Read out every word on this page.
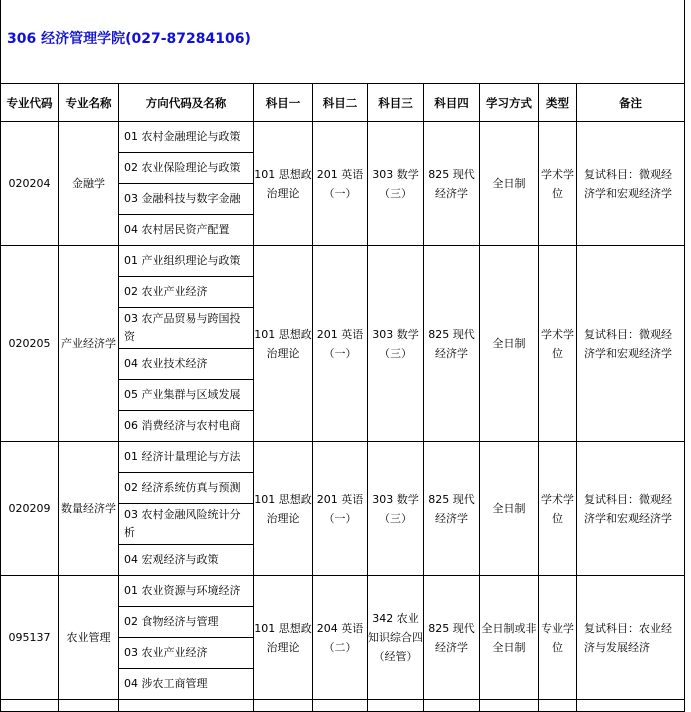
306 经济管理学院(027-87284106)									
专业代码	专业名称	方向代码及名称	科目一	科目二	科目三	科目四	学习方式	类型	备注
020204	金融学	01 农村金融理论与政策	101 思想政治理论	201 英语（一）	303 数学（三）	825 现代经济学	全日制	学术学位	复试科目：微观经济学和宏观经济学
		02 农业保险理论与政策							
		03 金融科技与数字金融							
		04 农村居民资产配置							
020205	产业经济学	01 产业组织理论与政策	101 思想政治理论	201 英语（一）	303 数学（三）	825 现代经济学	全日制	学术学位	复试科目：微观经济学和宏观经济学
		02 农业产业经济							
		03 农产品贸易与跨国投资							
		04 农业技术经济							
		05 产业集群与区域发展							
		06 消费经济与农村电商							
020209	数量经济学	01 经济计量理论与方法	101 思想政治理论	201 英语（一）	303 数学（三）	825 现代经济学	全日制	学术学位	复试科目：微观经济学和宏观经济学
		02 经济系统仿真与预测							
		03 农村金融风险统计分析							
		04 宏观经济与政策							
095137	农业管理	01 农业资源与环境经济	101 思想政治理论	204 英语（二）	342 农业知识综合四（经管）	825 现代经济学	全日制或非全日制	专业学位	复试科目：农业经济与发展经济
		02 食物经济与管理							
		03 农业产业经济							
		04 涉农工商管理							
